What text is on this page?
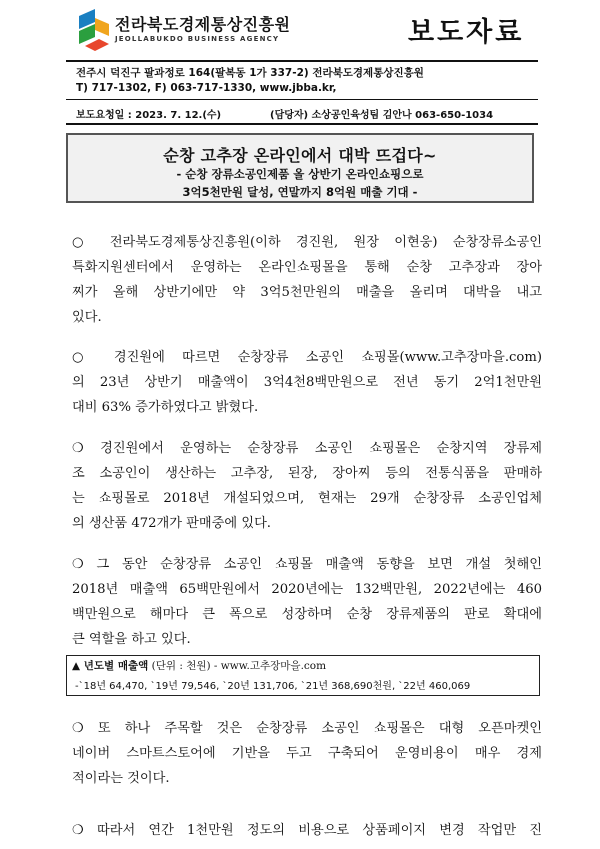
전라북도경제통상진흥원
JEOLLABUKDO BUSINESS AGENCY	보도자료
전주시 덕진구 팔과정로 164(팔복동 1가 337-2) 전라북도경제통상진흥원
T) 717-1302, F) 063-717-1330, www.jbba.kr,
보도요청일 : 2023. 7. 12.(수)	(담당자) 소상공인육성팀 김안나 063-650-1034
순창 고추장 온라인에서 대박 뜨겁다~
- 순창 장류소공인제품 올 상반기 온라인쇼핑으로
3억5천만원 달성, 연말까지 8억원 매출 기대 -
○ 전라북도경제통상진흥원(이하 경진원, 원장 이현웅) 순창장류소공인
특화지원센터에서 운영하는 온라인쇼핑몰을 통해 순창 고추장과 장아
찌가 올해 상반기에만 약 3억5천만원의 매출을 올리며 대박을 내고
있다.
○ 경진원에 따르면 순창장류 소공인 쇼핑몰(www.고추장마을.com)
의 23년 상반기 매출액이 3억4천8백만원으로 전년 동기 2억1천만원
대비 63% 증가하였다고 밝혔다.
❍ 경진원에서 운영하는 순창장류 소공인 쇼핑몰은 순창지역 장류제
조 소공인이 생산하는 고추장, 된장, 장아찌 등의 전통식품을 판매하
는 쇼핑몰로 2018년 개설되었으며, 현재는 29개 순창장류 소공인업체
의 생산품 472개가 판매중에 있다.
❍ 그 동안 순창장류 소공인 쇼핑몰 매출액 동향을 보면 개설 첫해인
2018년 매출액 65백만원에서 2020년에는 132백만원, 2022년에는 460
백만원으로 해마다 큰 폭으로 성장하며 순창 장류제품의 판로 확대에
큰 역할을 하고 있다.
▲ 년도별 매출액 (단위 : 천원) - www.고추장마을.com
-`18년 64,470, `19년 79,546, `20년 131,706, `21년 368,690천원, `22년 460,069
❍ 또 하나 주목할 것은 순창장류 소공인 쇼핑몰은 대형 오픈마켓인
네이버 스마트스토어에 기반을 두고 구축되어 운영비용이 매우 경제
적이라는 것이다.
❍ 따라서 연간 1천만원 정도의 비용으로 상품페이지 변경 작업만 진
